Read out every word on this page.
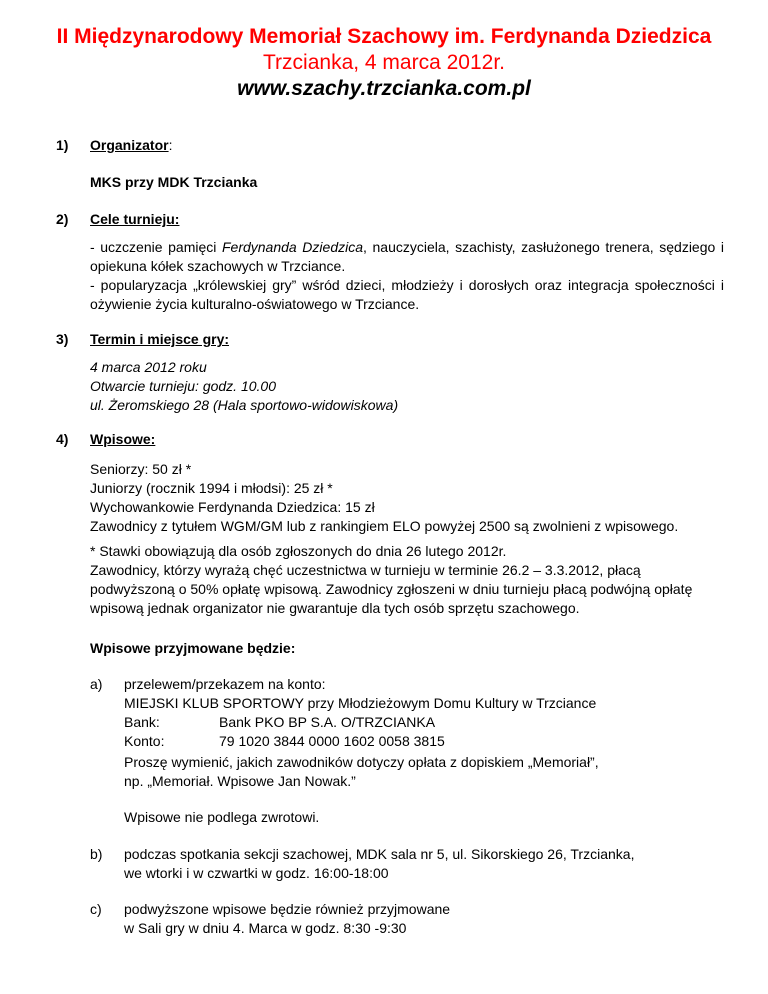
II Międzynarodowy Memoriał Szachowy im. Ferdynanda Dziedzica
Trzcianka, 4 marca 2012r.
www.szachy.trzcianka.com.pl
1) Organizator:
MKS przy MDK Trzcianka
2) Cele turnieju:
- uczczenie pamięci Ferdynanda Dziedzica, nauczyciela, szachisty, zasłużonego trenera, sędziego i opiekuna kółek szachowych w Trzciance.
- popularyzacja „królewskiej gry” wśród dzieci, młodzieży i dorosłych oraz integracja społeczności i ożywienie życia kulturalno-oświatowego w Trzciance.
3) Termin i miejsce gry:
4 marca 2012 roku
Otwarcie turnieju: godz. 10.00
ul. Żeromskiego 28 (Hala sportowo-widowiskowa)
4) Wpisowe:
Seniorzy: 50 zł *
Juniorzy (rocznik 1994 i młodsi): 25 zł *
Wychowankowie Ferdynanda Dziedzica: 15 zł
Zawodnicy z tytułem WGM/GM lub z rankingiem ELO powyżej 2500 są zwolnieni z wpisowego.
* Stawki obowiązują dla osób zgłoszonych do dnia 26 lutego 2012r.
Zawodnicy, którzy wyrażą chęć uczestnictwa w turnieju w terminie 26.2 – 3.3.2012, płacą
podwyższoną o 50% opłatę wpisową. Zawodnicy zgłoszeni w dniu turnieju płacą podwójną opłatę
wpisową jednak organizator nie gwarantuje dla tych osób sprzętu szachowego.
Wpisowe przyjmowane będzie:
a) przelewem/przekazem na konto:
MIEJSKI KLUB SPORTOWY przy Młodzieżowym Domu Kultury w Trzciance
Bank:	Bank PKO BP S.A. O/TRZCIANKA
Konto:	79 1020 3844 0000 1602 0058 3815
Proszę wymienić, jakich zawodników dotyczy opłata z dopiskiem „Memoriał”,
np. „Memoriał. Wpisowe Jan Nowak.”
Wpisowe nie podlega zwrotowi.
b) podczas spotkania sekcji szachowej, MDK sala nr 5, ul. Sikorskiego 26, Trzcianka,
we wtorki i w czwartki w godz. 16:00-18:00
c) podwyższone wpisowe będzie również przyjmowane
w Sali gry w dniu 4. Marca w godz. 8:30 -9:30
